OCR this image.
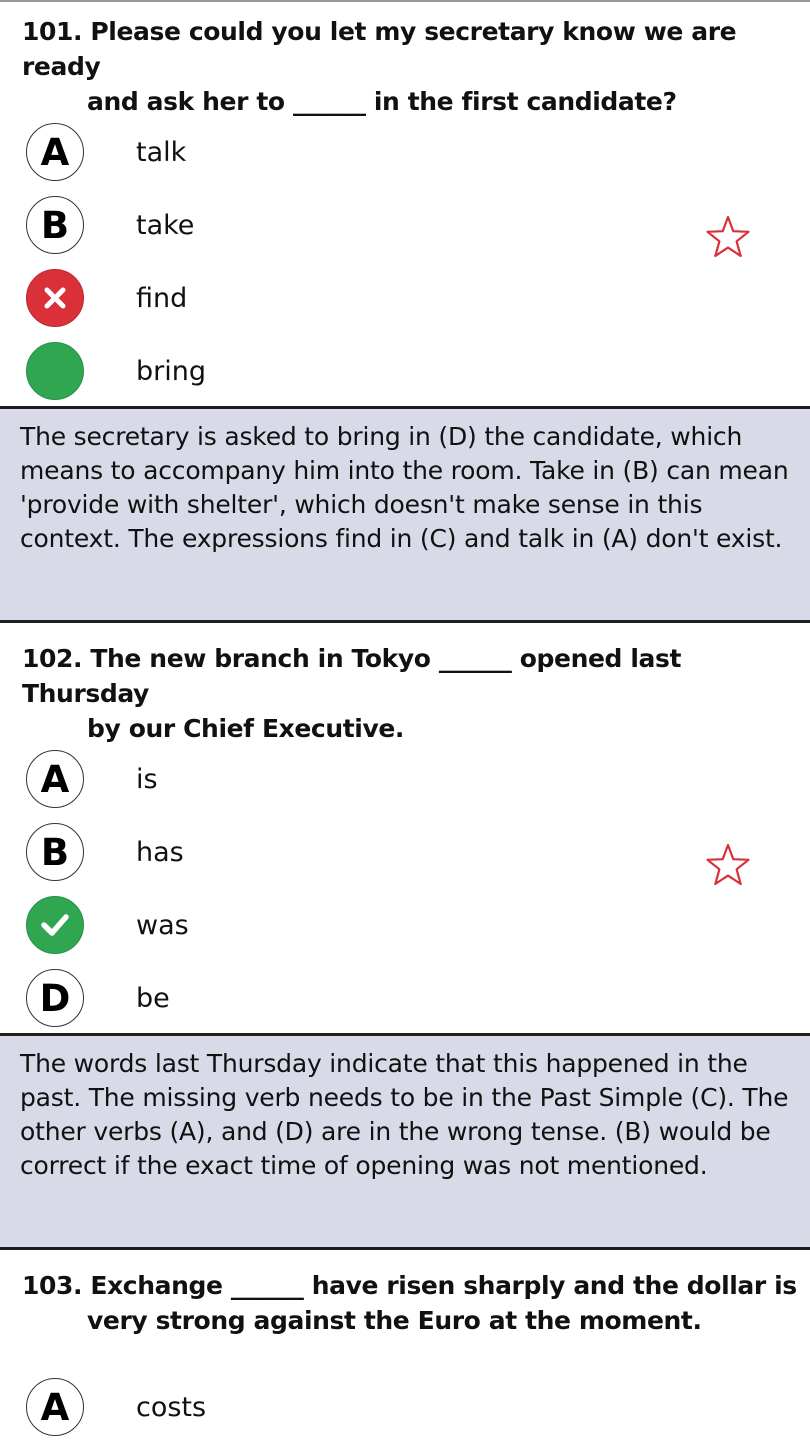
101. Please could you let my secretary know we are ready
and ask her to ______ in the first candidate?
A	talk
B	take
find
bring
The secretary is asked to bring in (D) the candidate, which means to accompany him into the room. Take in (B) can mean 'provide with shelter', which doesn't make sense in this context. The expressions find in (C) and talk in (A) don't exist.
102. The new branch in Tokyo ______ opened last Thursday
by our Chief Executive.
A	is
B	has
was
D	be
The words last Thursday indicate that this happened in the past. The missing verb needs to be in the Past Simple (C). The other verbs (A), and (D) are in the wrong tense. (B) would be correct if the exact time of opening was not mentioned.
103. Exchange ______ have risen sharply and the dollar is
very strong against the Euro at the moment.
A	costs
